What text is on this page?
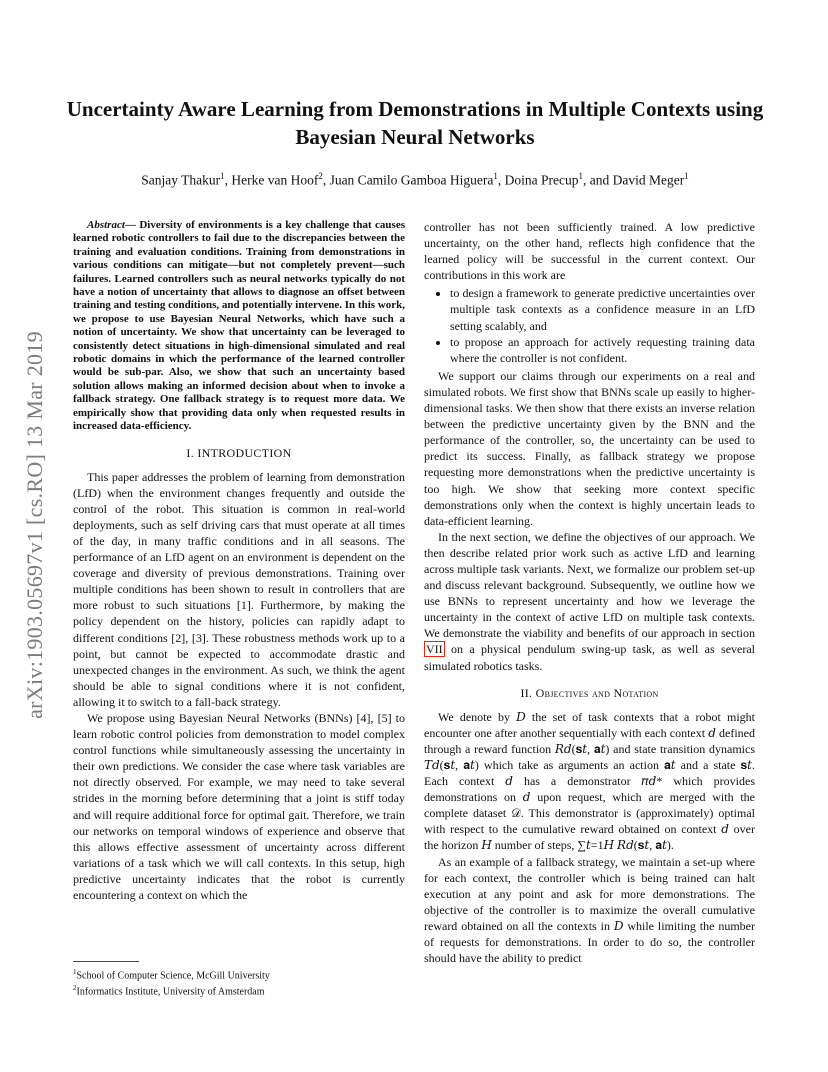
arXiv:1903.05697v1 [cs.RO] 13 Mar 2019
Uncertainty Aware Learning from Demonstrations in Multiple Contexts using Bayesian Neural Networks
Sanjay Thakur$^1$, Herke van Hoof$^2$, Juan Camilo Gamboa Higuera$^1$, Doina Precup$^1$, and David Meger$^1$

Abstract— Diversity of environments is a key challenge that causes learned robotic controllers to fail due to the discrepancies between the training and evaluation conditions. Training from demonstrations in various conditions can mitigate—but not completely prevent—such failures. Learned controllers such as neural networks typically do not have a notion of uncertainty that allows to diagnose an offset between training and testing conditions, and potentially intervene. In this work, we propose to use Bayesian Neural Networks, which have such a notion of uncertainty. We show that uncertainty can be leveraged to consistently detect situations in high-dimensional simulated and real robotic domains in which the performance of the learned controller would be sub-par. Also, we show that such an uncertainty based solution allows making an informed decision about when to invoke a fallback strategy. One fallback strategy is to request more data. We empirically show that providing data only when requested results in increased data-efficiency.

I. INTRODUCTION

This paper addresses the problem of learning from demonstration (LfD) when the environment changes frequently and outside the control of the robot. This situation is common in real-world deployments, such as self driving cars that must operate at all times of the day, in many traffic conditions and in all seasons. The performance of an LfD agent on an environment is dependent on the coverage and diversity of previous demonstrations. Training over multiple conditions has been shown to result in controllers that are more robust to such situations [1]. Furthermore, by making the policy dependent on the history, policies can rapidly adapt to different conditions [2], [3]. These robustness methods work up to a point, but cannot be expected to accommodate drastic and unexpected changes in the environment. As such, we think the agent should be able to signal conditions where it is not confident, allowing it to switch to a fall-back strategy.

We propose using Bayesian Neural Networks (BNNs) [4], [5] to learn robotic control policies from demonstration to model complex control functions while simultaneously assessing the uncertainty in their own predictions. We consider the case where task variables are not directly observed. For example, we may need to take several strides in the morning before determining that a joint is stiff today and will require additional force for optimal gait. Therefore, we train our networks on temporal windows of experience and observe that this allows effective assessment of uncertainty across different variations of a task which we will call contexts. In this setup, high predictive uncertainty indicates that the robot is currently encountering a context on which the

controller has not been sufficiently trained. A low predictive uncertainty, on the other hand, reflects high confidence that the learned policy will be successful in the current context. Our contributions in this work are

• to design a framework to generate predictive uncertainties over multiple task contexts as a confidence measure in an LfD setting scalably, and
• to propose an approach for actively requesting training data where the controller is not confident.

We support our claims through our experiments on a real and simulated robots. We first show that BNNs scale up easily to higher-dimensional tasks. We then show that there exists an inverse relation between the predictive uncertainty given by the BNN and the performance of the controller, so, the uncertainty can be used to predict its success. Finally, as fallback strategy we propose requesting more demonstrations when the predictive uncertainty is too high. We show that seeking more context specific demonstrations only when the context is highly uncertain leads to data-efficient learning.

In the next section, we define the objectives of our approach. We then describe related prior work such as active LfD and learning across multiple task variants. Next, we formalize our problem set-up and discuss relevant background. Subsequently, we outline how we use BNNs to represent uncertainty and how we leverage the uncertainty in the context of active LfD on multiple task contexts. We demonstrate the viability and benefits of our approach in section VII on a physical pendulum swing-up task, as well as several simulated robotics tasks.

II. Objectives and Notation

We denote by 𝐷 the set of task contexts that a robot might encounter one after another sequentially with each context 𝑑 defined through a reward function 𝑅𝑑(𝐬𝑡, 𝐚𝑡) and state transition dynamics 𝑇𝑑(𝐬𝑡, 𝐚𝑡) which take as arguments an action 𝐚𝑡 and a state 𝐬𝑡. Each context 𝑑 has a demonstrator 𝜋𝑑* which provides demonstrations on 𝑑 upon request, which are merged with the complete dataset 𝒟. This demonstrator is (approximately) optimal with respect to the cumulative reward obtained on context 𝑑 over the horizon 𝐻 number of steps, ∑𝑡=1𝐻 𝑅𝑑(𝐬𝑡, 𝐚𝑡).

As an example of a fallback strategy, we maintain a set-up where for each context, the controller which is being trained can halt execution at any point and ask for more demonstrations. The objective of the controller is to maximize the overall cumulative reward obtained on all the contexts in 𝐷 while limiting the number of requests for demonstrations. In order to do so, the controller should have the ability to predict

$^1$School of Computer Science, McGill University
$^2$Informatics Institute, University of Amsterdam
